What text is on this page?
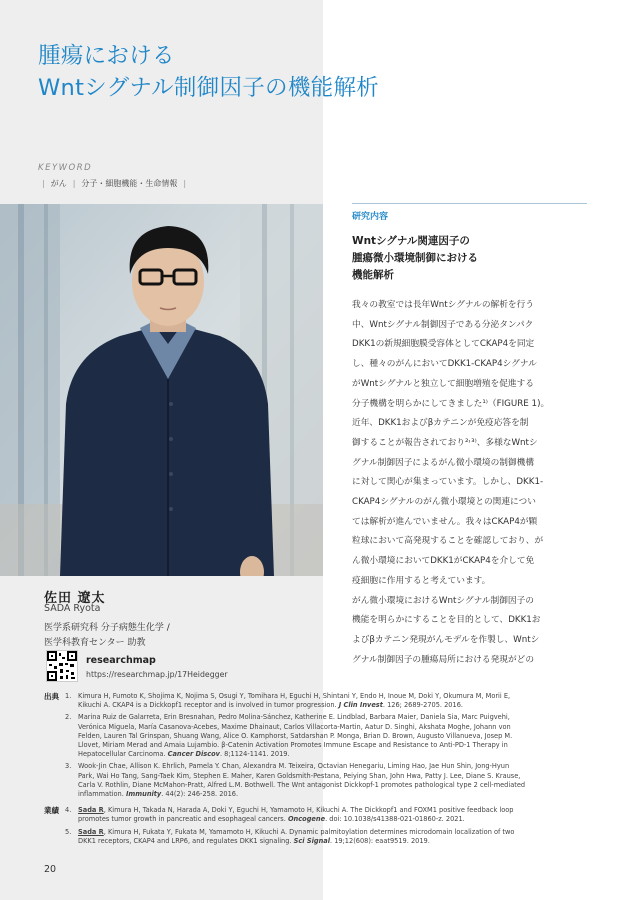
腫瘍における
Wntシグナル制御因子の機能解析
KEYWORD
| がん | 分子・細胞機能・生命情報 |
佐田 遼太
SADA Ryota
医学系研究科 分子病態生化学 /
医学科教育センター 助教
researchmap
https://researchmap.jp/17Heidegger
研究内容
Wntシグナル関連因子の
腫瘍微小環境制御における
機能解析
我々の教室では長年Wntシグナルの解析を行う
中、Wntシグナル制御因子である分泌タンパク
DKK1の新規細胞膜受容体としてCKAP4を同定
し、種々のがんにおいてDKK1-CKAP4シグナル
がWntシグナルと独立して細胞増殖を促進する
分子機構を明らかにしてきました¹⁾（FIGURE 1)。
近年、DKK1およびβカテニンが免疫応答を制
御することが報告されており²˒³⁾、多様なWntシ
グナル制御因子によるがん微小環境の制御機構
に対して関心が集まっています。しかし、DKK1-
CKAP4シグナルのがん微小環境との関連につい
ては解析が進んでいません。我々はCKAP4が顆
粒球において高発現することを確認しており、が
ん微小環境においてDKK1がCKAP4を介して免
疫細胞に作用すると考えています。
がん微小環境におけるWntシグナル制御因子の
機能を明らかにすることを目的として、DKK1お
よびβカテニン発現がんモデルを作製し、Wntシ
グナル制御因子の腫瘍局所における発現がどの
出典 1.	Kimura H, Fumoto K, Shojima K, Nojima S, Osugi Y, Tomihara H, Eguchi H, Shintani Y, Endo H, Inoue M, Doki Y, Okumura M, Morii E,
Kikuchi A. CKAP4 is a Dickkopf1 receptor and is involved in tumor progression. J Clin Invest. 126; 2689-2705. 2016.
2.	Marina Ruiz de Galarreta, Erin Bresnahan, Pedro Molina-Sánchez, Katherine E. Lindblad, Barbara Maier, Daniela Sia, Marc Puigvehi,
Verónica Miguela, María Casanova-Acebes, Maxime Dhainaut, Carlos Villacorta-Martin, Aatur D. Singhi, Akshata Moghe, Johann von
Felden, Lauren Tal Grinspan, Shuang Wang, Alice O. Kamphorst, Satdarshan P. Monga, Brian D. Brown, Augusto Villanueva, Josep M.
Llovet, Miriam Merad and Amaia Lujambio. β-Catenin Activation Promotes Immune Escape and Resistance to Anti-PD-1 Therapy in
Hepatocellular Carcinoma. Cancer Discov. 8;1124-1141. 2019.
3.	Wook-Jin Chae, Allison K. Ehrlich, Pamela Y. Chan, Alexandra M. Teixeira, Octavian Henegariu, Liming Hao, Jae Hun Shin, Jong-Hyun
Park, Wai Ho Tang, Sang-Taek Kim, Stephen E. Maher, Karen Goldsmith-Pestana, Peiying Shan, John Hwa, Patty J. Lee, Diane S. Krause,
Carla V. Rothlin, Diane McMahon-Pratt, Alfred L.M. Bothwell. The Wnt antagonist Dickkopf-1 promotes pathological type 2 cell-mediated
inflammation. Immunity. 44(2): 246-258. 2016.
業績 4.	Sada R, Kimura H, Takada N, Harada A, Doki Y, Eguchi H, Yamamoto H, Kikuchi A. The Dickkopf1 and FOXM1 positive feedback loop
promotes tumor growth in pancreatic and esophageal cancers. Oncogene. doi: 10.1038/s41388-021-01860-z. 2021.
5.	Sada R, Kimura H, Fukata Y, Fukata M, Yamamoto H, Kikuchi A. Dynamic palmitoylation determines microdomain localization of two
DKK1 receptors, CKAP4 and LRP6, and regulates DKK1 signaling. Sci Signal. 19;12(608): eaat9519. 2019.
20
